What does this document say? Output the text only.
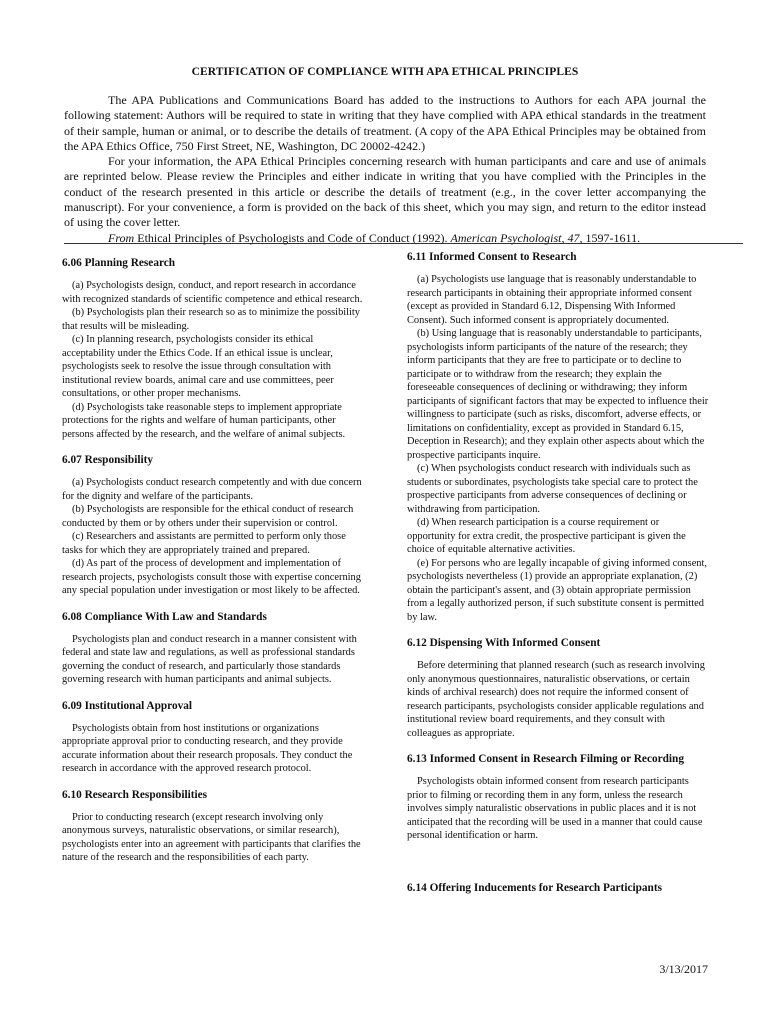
CERTIFICATION OF COMPLIANCE WITH APA ETHICAL PRINCIPLES

The APA Publications and Communications Board has added to the instructions to Authors for each APA journal the following statement: Authors will be required to state in writing that they have complied with APA ethical standards in the treatment of their sample, human or animal, or to describe the details of treatment. (A copy of the APA Ethical Principles may be obtained from the APA Ethics Office, 750 First Street, NE, Washington, DC 20002-4242.)

For your information, the APA Ethical Principles concerning research with human participants and care and use of animals are reprinted below. Please review the Principles and either indicate in writing that you have complied with the Principles in the conduct of the research presented in this article or describe the details of treatment (e.g., in the cover letter accompanying the manuscript). For your convenience, a form is provided on the back of this sheet, which you may sign, and return to the editor instead of using the cover letter.

From Ethical Principles of Psychologists and Code of Conduct (1992). American Psychologist, 47, 1597-1611.

6.06 Planning Research

(a) Psychologists design, conduct, and report research in accordance with recognized standards of scientific competence and ethical research.

(b) Psychologists plan their research so as to minimize the possibility that results will be misleading.

(c) In planning research, psychologists consider its ethical acceptability under the Ethics Code. If an ethical issue is unclear, psychologists seek to resolve the issue through consultation with institutional review boards, animal care and use committees, peer consultations, or other proper mechanisms.

(d) Psychologists take reasonable steps to implement appropriate protections for the rights and welfare of human participants, other persons affected by the research, and the welfare of animal subjects.

6.07 Responsibility

(a) Psychologists conduct research competently and with due concern for the dignity and welfare of the participants.

(b) Psychologists are responsible for the ethical conduct of research conducted by them or by others under their supervision or control.

(c) Researchers and assistants are permitted to perform only those tasks for which they are appropriately trained and prepared.

(d) As part of the process of development and implementation of research projects, psychologists consult those with expertise concerning any special population under investigation or most likely to be affected.

6.08 Compliance With Law and Standards

Psychologists plan and conduct research in a manner consistent with federal and state law and regulations, as well as professional standards governing the conduct of research, and particularly those standards governing research with human participants and animal subjects.

6.09 Institutional Approval

Psychologists obtain from host institutions or organizations appropriate approval prior to conducting research, and they provide accurate information about their research proposals. They conduct the research in accordance with the approved research protocol.

6.10 Research Responsibilities

Prior to conducting research (except research involving only anonymous surveys, naturalistic observations, or similar research), psychologists enter into an agreement with participants that clarifies the nature of the research and the responsibilities of each party.

6.11 Informed Consent to Research

(a) Psychologists use language that is reasonably understandable to research participants in obtaining their appropriate informed consent (except as provided in Standard 6.12, Dispensing With Informed Consent). Such informed consent is appropriately documented.

(b) Using language that is reasonably understandable to participants, psychologists inform participants of the nature of the research; they inform participants that they are free to participate or to decline to participate or to withdraw from the research; they explain the foreseeable consequences of declining or withdrawing; they inform participants of significant factors that may be expected to influence their willingness to participate (such as risks, discomfort, adverse effects, or limitations on confidentiality, except as provided in Standard 6.15, Deception in Research); and they explain other aspects about which the prospective participants inquire.

(c) When psychologists conduct research with individuals such as students or subordinates, psychologists take special care to protect the prospective participants from adverse consequences of declining or withdrawing from participation.

(d) When research participation is a course requirement or opportunity for extra credit, the prospective participant is given the choice of equitable alternative activities.

(e) For persons who are legally incapable of giving informed consent, psychologists nevertheless (1) provide an appropriate explanation, (2) obtain the participant's assent, and (3) obtain appropriate permission from a legally authorized person, if such substitute consent is permitted by law.

6.12 Dispensing With Informed Consent

Before determining that planned research (such as research involving only anonymous questionnaires, naturalistic observations, or certain kinds of archival research) does not require the informed consent of research participants, psychologists consider applicable regulations and institutional review board requirements, and they consult with colleagues as appropriate.

6.13 Informed Consent in Research Filming or Recording

Psychologists obtain informed consent from research participants prior to filming or recording them in any form, unless the research involves simply naturalistic observations in public places and it is not anticipated that the recording will be used in a manner that could cause personal identification or harm.

6.14 Offering Inducements for Research Participants
3/13/2017
